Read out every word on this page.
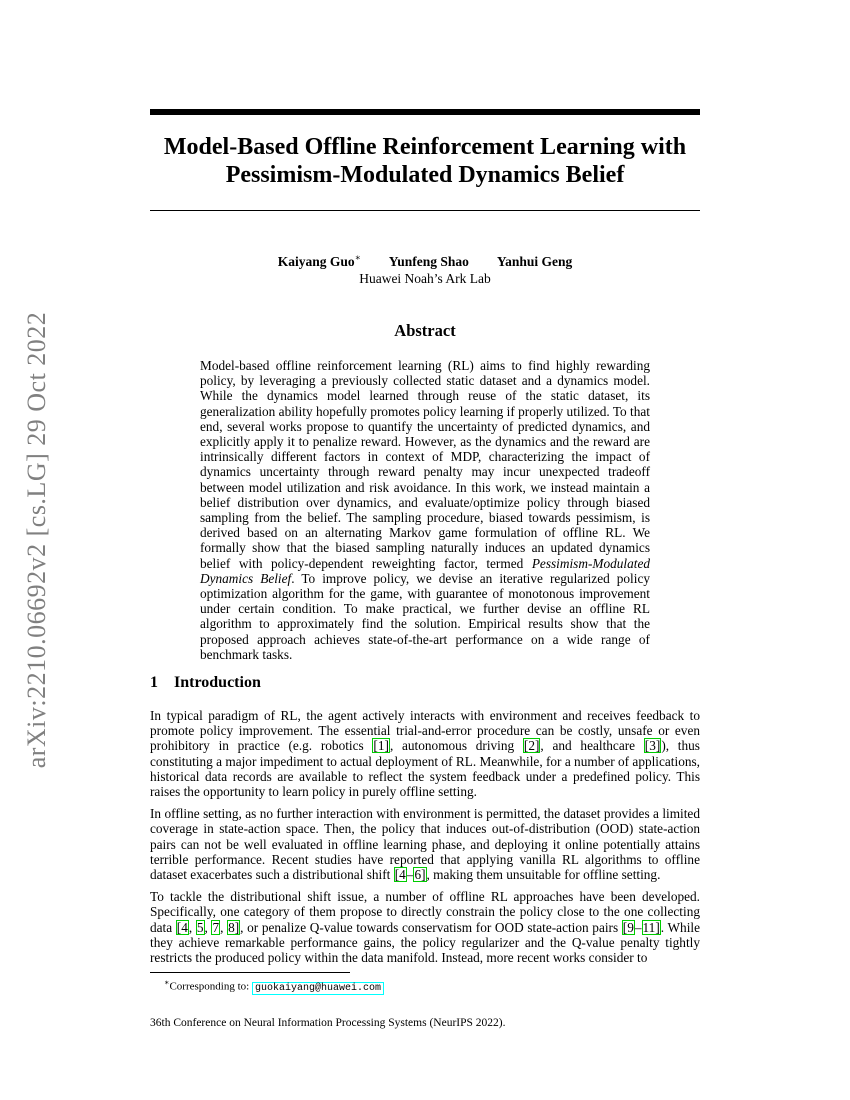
arXiv:2210.06692v2 [cs.LG] 29 Oct 2022
Model-Based Offline Reinforcement Learning with Pessimism-Modulated Dynamics Belief
Kaiyang Guo∗ Yunfeng Shao Yanhui Geng
Huawei Noah’s Ark Lab
Abstract

Model-based offline reinforcement learning (RL) aims to find highly rewarding policy, by leveraging a previously collected static dataset and a dynamics model. While the dynamics model learned through reuse of the static dataset, its generalization ability hopefully promotes policy learning if properly utilized. To that end, several works propose to quantify the uncertainty of predicted dynamics, and explicitly apply it to penalize reward. However, as the dynamics and the reward are intrinsically different factors in context of MDP, characterizing the impact of dynamics uncertainty through reward penalty may incur unexpected tradeoff between model utilization and risk avoidance. In this work, we instead maintain a belief distribution over dynamics, and evaluate/optimize policy through biased sampling from the belief. The sampling procedure, biased towards pessimism, is derived based on an alternating Markov game formulation of offline RL. We formally show that the biased sampling naturally induces an updated dynamics belief with policy-dependent reweighting factor, termed Pessimism-Modulated Dynamics Belief. To improve policy, we devise an iterative regularized policy optimization algorithm for the game, with guarantee of monotonous improvement under certain condition. To make practical, we further devise an offline RL algorithm to approximately find the solution. Empirical results show that the proposed approach achieves state-of-the-art performance on a wide range of benchmark tasks.

1 Introduction

In typical paradigm of RL, the agent actively interacts with environment and receives feedback to promote policy improvement. The essential trial-and-error procedure can be costly, unsafe or even prohibitory in practice (e.g. robotics [1], autonomous driving [2], and healthcare [3]), thus constituting a major impediment to actual deployment of RL. Meanwhile, for a number of applications, historical data records are available to reflect the system feedback under a predefined policy. This raises the opportunity to learn policy in purely offline setting.

In offline setting, as no further interaction with environment is permitted, the dataset provides a limited coverage in state-action space. Then, the policy that induces out-of-distribution (OOD) state-action pairs can not be well evaluated in offline learning phase, and deploying it online potentially attains terrible performance. Recent studies have reported that applying vanilla RL algorithms to offline dataset exacerbates such a distributional shift [4–6], making them unsuitable for offline setting.

To tackle the distributional shift issue, a number of offline RL approaches have been developed. Specifically, one category of them propose to directly constrain the policy close to the one collecting data [4, 5, 7, 8], or penalize Q-value towards conservatism for OOD state-action pairs [9–11]. While they achieve remarkable performance gains, the policy regularizer and the Q-value penalty tightly restricts the produced policy within the data manifold. Instead, more recent works consider to

∗Corresponding to: guokaiyang@huawei.com
36th Conference on Neural Information Processing Systems (NeurIPS 2022).
